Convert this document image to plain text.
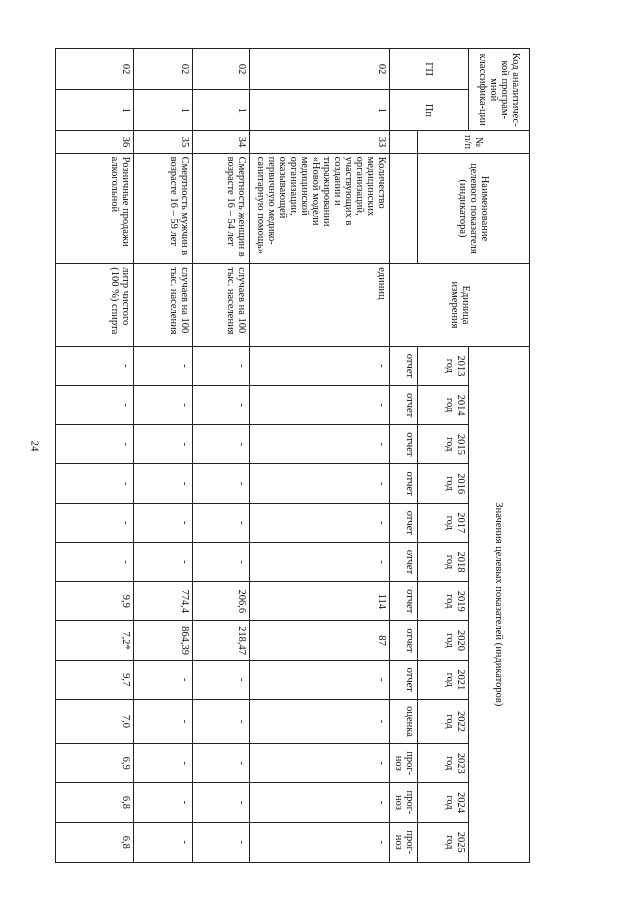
24
Код аналитичес-кой програм-мной классифика-ции		№ п/п	Наименование целевого показателя (индикатора)	Единица измерения	Значения целевых показателей (индикаторов)												
ГП	Пп				2013 год	2014 год	2015 год	2016 год	2017 год	2018 год	2019 год	2020 год	2021 год	2022 год	2023 год	2024 год	2025 год
					отчет	отчет	отчет	отчет	отчет	отчет	отчет	отчет	отчет	оценка	прог-ноз	прог-ноз	прог-ноз
02	1	33	Количество медицинских организаций, участвующих в создании и тиражировании «Новой модели медицинской организации, оказывающей первичную медико-санитарную помощь»	единиц	-	-	-	-	-	-	114	87	-	-	-	-	-
02	1	34	Смертность женщин в возрасте 16 – 54 лет	случаев на 100 тыс. населения	-	-	-	-	-	-	206,6	218,47	-	-	-	-	-
02	1	35	Смертность мужчин в возрасте 16 – 59 лет	случаев на 100 тыс. населения	-	-	-	-	-	-	774,4	864,39	-	-	-	-	-
02	1	36	Розничные продажи алкогольной	литр чистого (100 %) спирта	-	-	-	-	-	-	9,9	7,2*	9,7	7,0	6,9	6,8	6,8
